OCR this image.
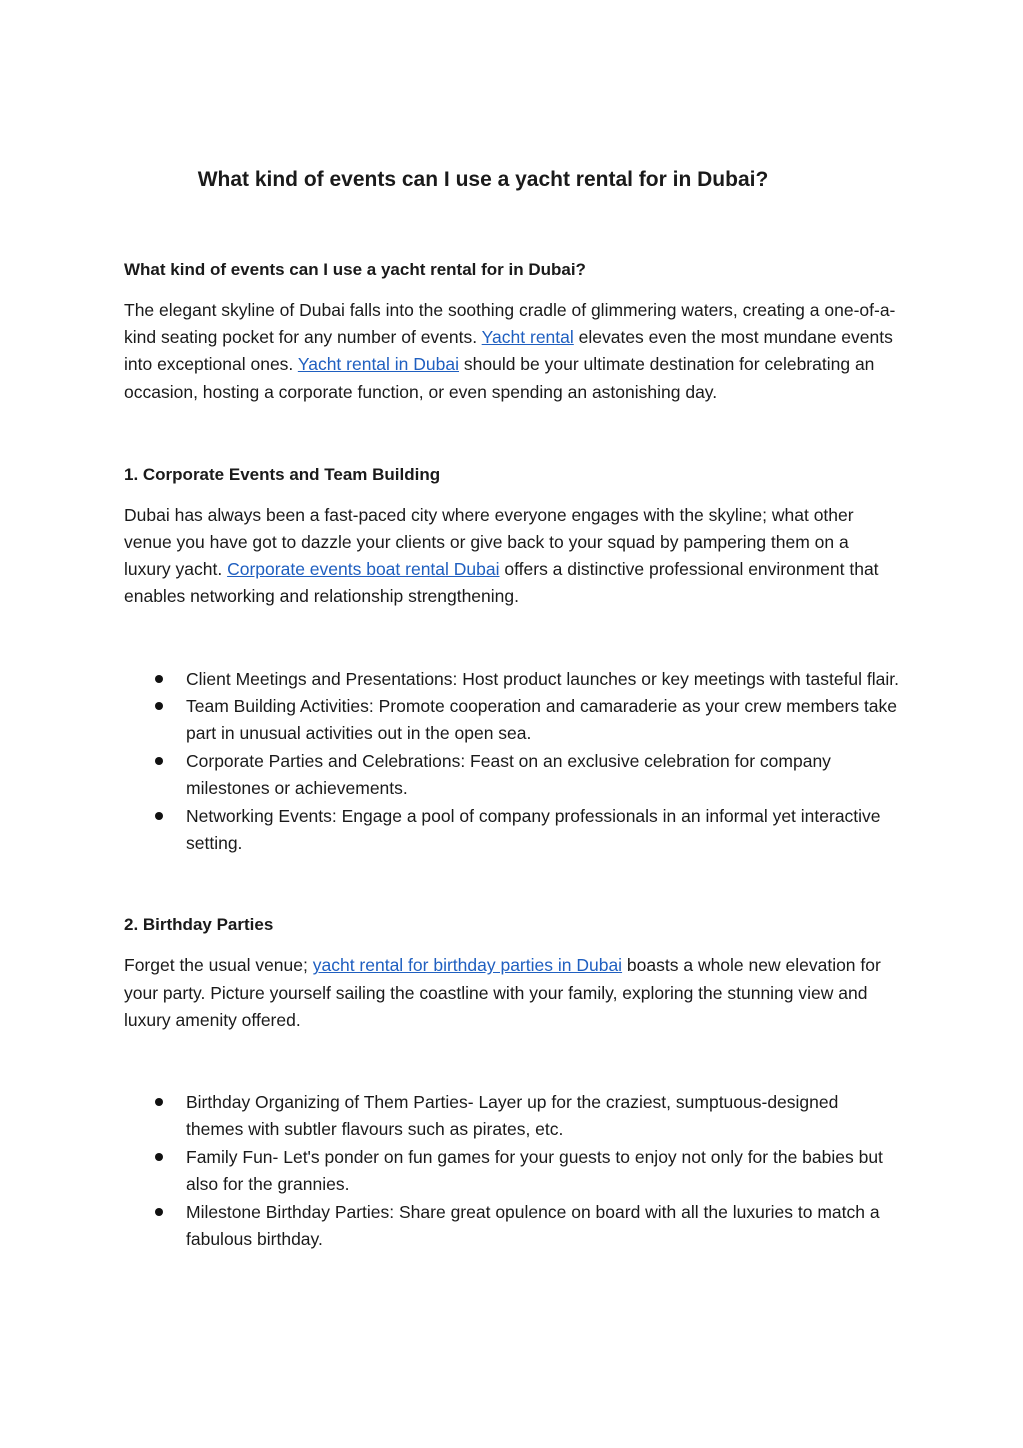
What kind of events can I use a yacht rental for in Dubai?

What kind of events can I use a yacht rental for in Dubai?

The elegant skyline of Dubai falls into the soothing cradle of glimmering waters, creating a one-of-a-kind seating pocket for any number of events. Yacht rental elevates even the most mundane events into exceptional ones. Yacht rental in Dubai should be your ultimate destination for celebrating an occasion, hosting a corporate function, or even spending an astonishing day.

1. Corporate Events and Team Building

Dubai has always been a fast-paced city where everyone engages with the skyline; what other venue you have got to dazzle your clients or give back to your squad by pampering them on a luxury yacht. Corporate events boat rental Dubai offers a distinctive professional environment that enables networking and relationship strengthening.

Client Meetings and Presentations: Host product launches or key meetings with tasteful flair.
Team Building Activities: Promote cooperation and camaraderie as your crew members take part in unusual activities out in the open sea.
Corporate Parties and Celebrations: Feast on an exclusive celebration for company milestones or achievements.
Networking Events: Engage a pool of company professionals in an informal yet interactive setting.

2. Birthday Parties

Forget the usual venue; yacht rental for birthday parties in Dubai boasts a whole new elevation for your party. Picture yourself sailing the coastline with your family, exploring the stunning view and luxury amenity offered.

Birthday Organizing of Them Parties- Layer up for the craziest, sumptuous-designed themes with subtler flavours such as pirates, etc.
Family Fun- Let's ponder on fun games for your guests to enjoy not only for the babies but also for the grannies.
Milestone Birthday Parties: Share great opulence on board with all the luxuries to match a fabulous birthday.
